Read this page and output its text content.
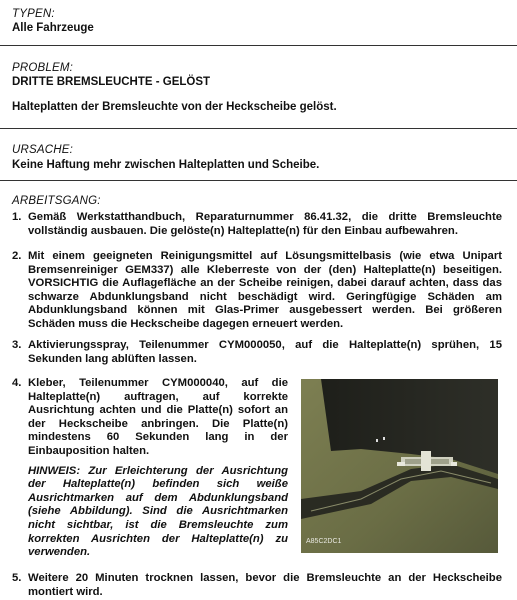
TYPEN:
Alle Fahrzeuge
PROBLEM:
DRITTE BREMSLEUCHTE - GELÖST
Halteplatten der Bremsleuchte von der Heckscheibe gelöst.
URSACHE:
Keine Haftung mehr zwischen Halteplatten und Scheibe.
ARBEITSGANG:
1. Gemäß Werkstatthandbuch, Reparaturnummer 86.41.32, die dritte Bremsleuchte vollständig ausbauen. Die gelöste(n) Halteplatte(n) für den Einbau aufbewahren.
2. Mit einem geeigneten Reinigungsmittel auf Lösungsmittelbasis (wie etwa Unipart Bremsenreiniger GEM337) alle Kleberreste von der (den) Halteplatte(n) beseitigen. VORSICHTIG die Auflagefläche an der Scheibe reinigen, dabei darauf achten, dass das schwarze Abdunklungsband nicht beschädigt wird. Geringfügige Schäden am Abdunklungsband können mit Glas-Primer ausgebessert werden. Bei größeren Schäden muss die Heckscheibe dagegen erneuert werden.
3. Aktivierungsspray, Teilenummer CYM000050, auf die Halteplatte(n) sprühen, 15 Sekunden lang ablüften lassen.
4. Kleber, Teilenummer CYM000040, auf die Halteplatte(n) auftragen, auf korrekte Ausrichtung achten und die Platte(n) sofort an der Heckscheibe anbringen. Die Platte(n) mindestens 60 Sekunden lang in der Einbauposition halten.
HINWEIS: Zur Erleichterung der Ausrichtung der Halteplatte(n) befinden sich weiße Ausrichtmarken auf dem Abdunklungsband (siehe Abbildung). Sind die Ausrichtmarken nicht sichtbar, ist die Bremsleuchte zum korrekten Ausrichten der Halteplatte(n) zu verwenden.
A85C2DC1
5. Weitere 20 Minuten trocknen lassen, bevor die Bremsleuchte an der Heckscheibe montiert wird.
